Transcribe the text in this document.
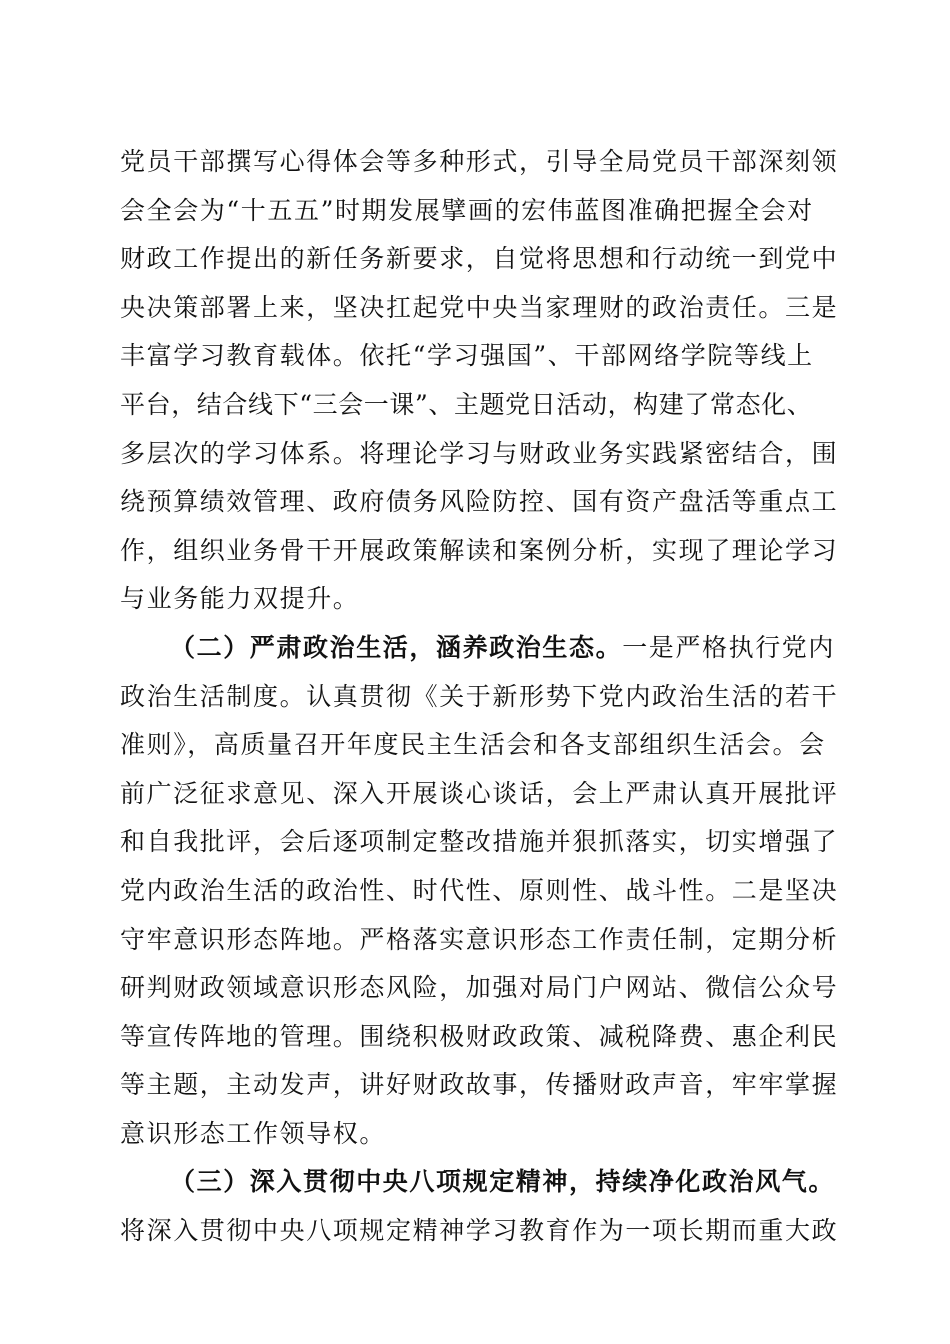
党员干部撰写心得体会等多种形式，引导全局党员干部深刻领
会全会为“十五五”时期发展擘画的宏伟蓝图准确把握全会对
财政工作提出的新任务新要求，自觉将思想和行动统一到党中
央决策部署上来，坚决扛起党中央当家理财的政治责任。三是
丰富学习教育载体。依托“学习强国”、干部网络学院等线上
平台，结合线下“三会一课”、主题党日活动，构建了常态化、
多层次的学习体系。将理论学习与财政业务实践紧密结合，围
绕预算绩效管理、政府债务风险防控、国有资产盘活等重点工
作，组织业务骨干开展政策解读和案例分析，实现了理论学习
与业务能力双提升。
（二）严肃政治生活，涵养政治生态。一是严格执行党内
政治生活制度。认真贯彻《关于新形势下党内政治生活的若干
准则》，高质量召开年度民主生活会和各支部组织生活会。会
前广泛征求意见、深入开展谈心谈话，会上严肃认真开展批评
和自我批评，会后逐项制定整改措施并狠抓落实，切实增强了
党内政治生活的政治性、时代性、原则性、战斗性。二是坚决
守牢意识形态阵地。严格落实意识形态工作责任制，定期分析
研判财政领域意识形态风险，加强对局门户网站、微信公众号
等宣传阵地的管理。围绕积极财政政策、减税降费、惠企利民
等主题，主动发声，讲好财政故事，传播财政声音，牢牢掌握
意识形态工作领导权。
（三）深入贯彻中央八项规定精神，持续净化政治风气。
将深入贯彻中央八项规定精神学习教育作为一项长期而重大政
